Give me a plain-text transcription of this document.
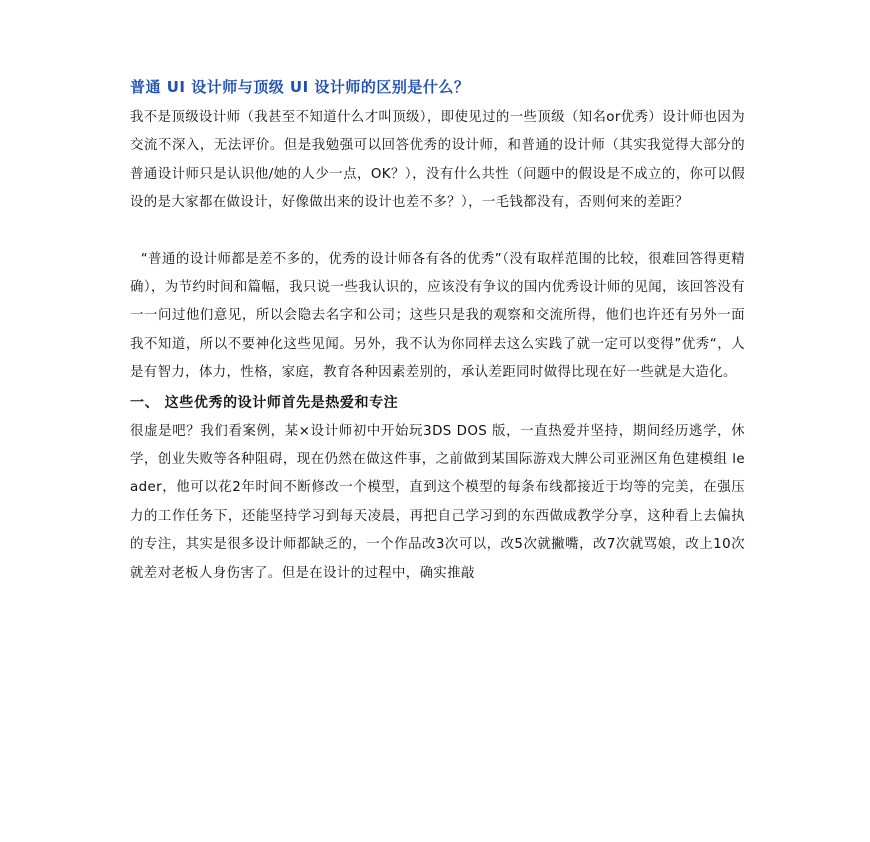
普通 UI 设计师与顶级 UI 设计师的区别是什么？

我不是顶级设计师（我甚至不知道什么才叫顶级），即使见过的一些顶级（知名or优秀）设计师也因为交流不深入，无法评价。但是我勉强可以回答优秀的设计师，和普通的设计师（其实我觉得大部分的普通设计师只是认识他/她的人少一点，OK？），没有什么共性（问题中的假设是不成立的，你可以假设的是大家都在做设计，好像做出来的设计也差不多？），一毛钱都没有，否则何来的差距？

“普通的设计师都是差不多的，优秀的设计师各有各的优秀”（没有取样范围的比较，很难回答得更精确），为节约时间和篇幅，我只说一些我认识的，应该没有争议的国内优秀设计师的见闻，该回答没有一一问过他们意见，所以会隐去名字和公司；这些只是我的观察和交流所得，他们也许还有另外一面我不知道，所以不要神化这些见闻。另外，我不认为你同样去这么实践了就一定可以变得”优秀“，人是有智力，体力，性格，家庭，教育各种因素差别的，承认差距同时做得比现在好一些就是大造化。

一、 这些优秀的设计师首先是热爱和专注

很虚是吧？我们看案例，某×设计师初中开始玩3DS DOS 版，一直热爱并坚持，期间经历逃学，休学，创业失败等各种阻碍，现在仍然在做这件事，之前做到某国际游戏大牌公司亚洲区角色建模组 leader，他可以花2年时间不断修改一个模型，直到这个模型的每条布线都接近于均等的完美，在强压力的工作任务下，还能坚持学习到每天凌晨，再把自己学习到的东西做成教学分享，这种看上去偏执的专注，其实是很多设计师都缺乏的，一个作品改3次可以，改5次就撇嘴，改7次就骂娘，改上10次就差对老板人身伤害了。但是在设计的过程中，确实推敲
